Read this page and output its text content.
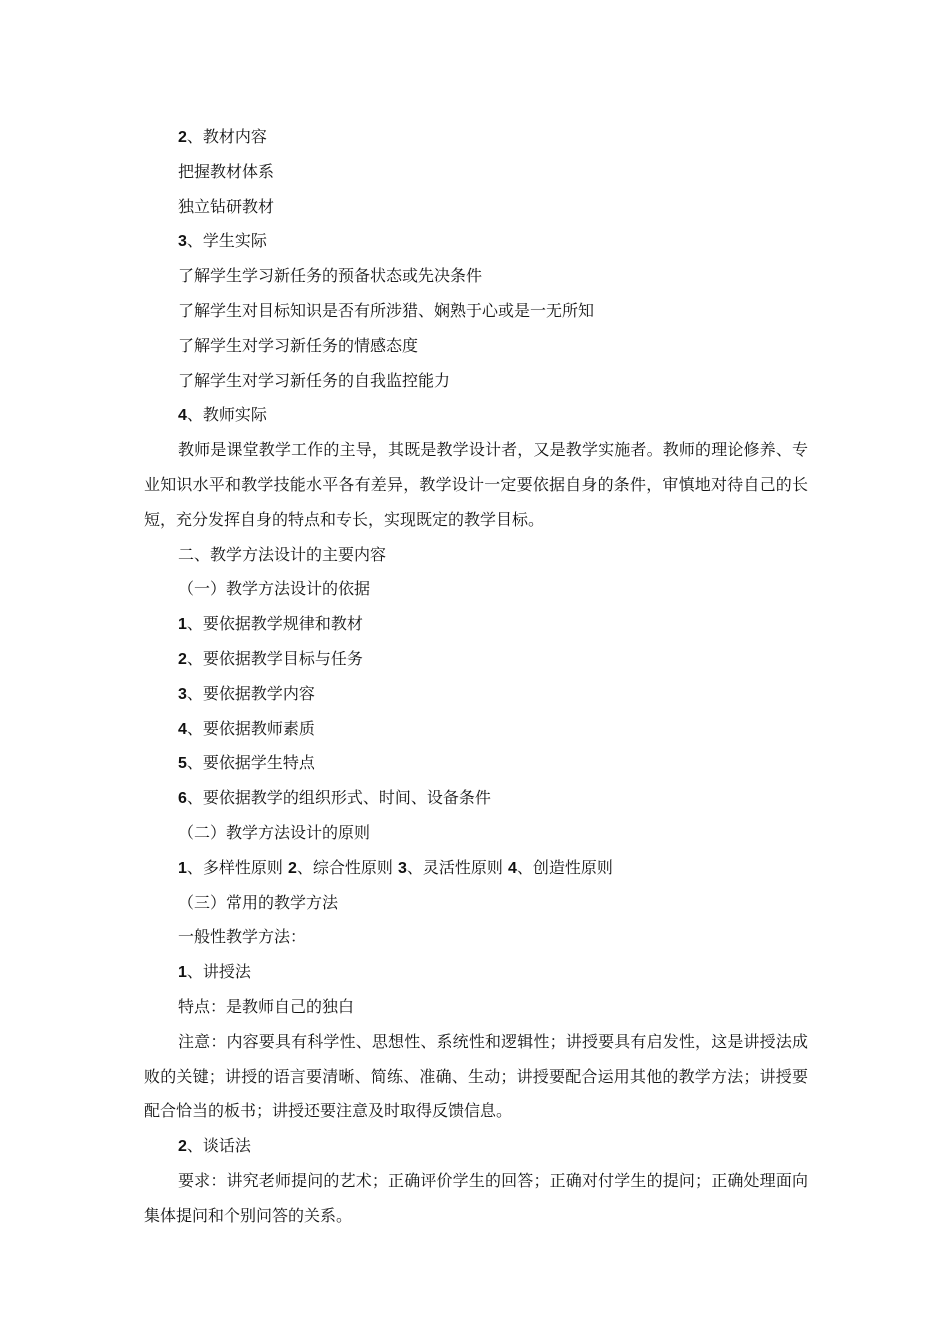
2、教材内容
把握教材体系
独立钻研教材
3、学生实际
了解学生学习新任务的预备状态或先决条件
了解学生对目标知识是否有所涉猎、娴熟于心或是一无所知
了解学生对学习新任务的情感态度
了解学生对学习新任务的自我监控能力
4、教师实际
教师是课堂教学工作的主导，其既是教学设计者，又是教学实施者。教师的理论修养、专业知识水平和教学技能水平各有差异，教学设计一定要依据自身的条件，审慎地对待自己的长短，充分发挥自身的特点和专长，实现既定的教学目标。
二、教学方法设计的主要内容
（一）教学方法设计的依据
1、要依据教学规律和教材
2、要依据教学目标与任务
3、要依据教学内容
4、要依据教师素质
5、要依据学生特点
6、要依据教学的组织形式、时间、设备条件
（二）教学方法设计的原则
1、多样性原则 2、综合性原则 3、灵活性原则 4、创造性原则
（三）常用的教学方法
一般性教学方法：
1、讲授法
特点：是教师自己的独白
注意：内容要具有科学性、思想性、系统性和逻辑性；讲授要具有启发性，这是讲授法成败的关键；讲授的语言要清晰、简练、准确、生动；讲授要配合运用其他的教学方法；讲授要配合恰当的板书；讲授还要注意及时取得反馈信息。
2、谈话法
要求：讲究老师提问的艺术；正确评价学生的回答；正确对付学生的提问；正确处理面向集体提问和个别问答的关系。
